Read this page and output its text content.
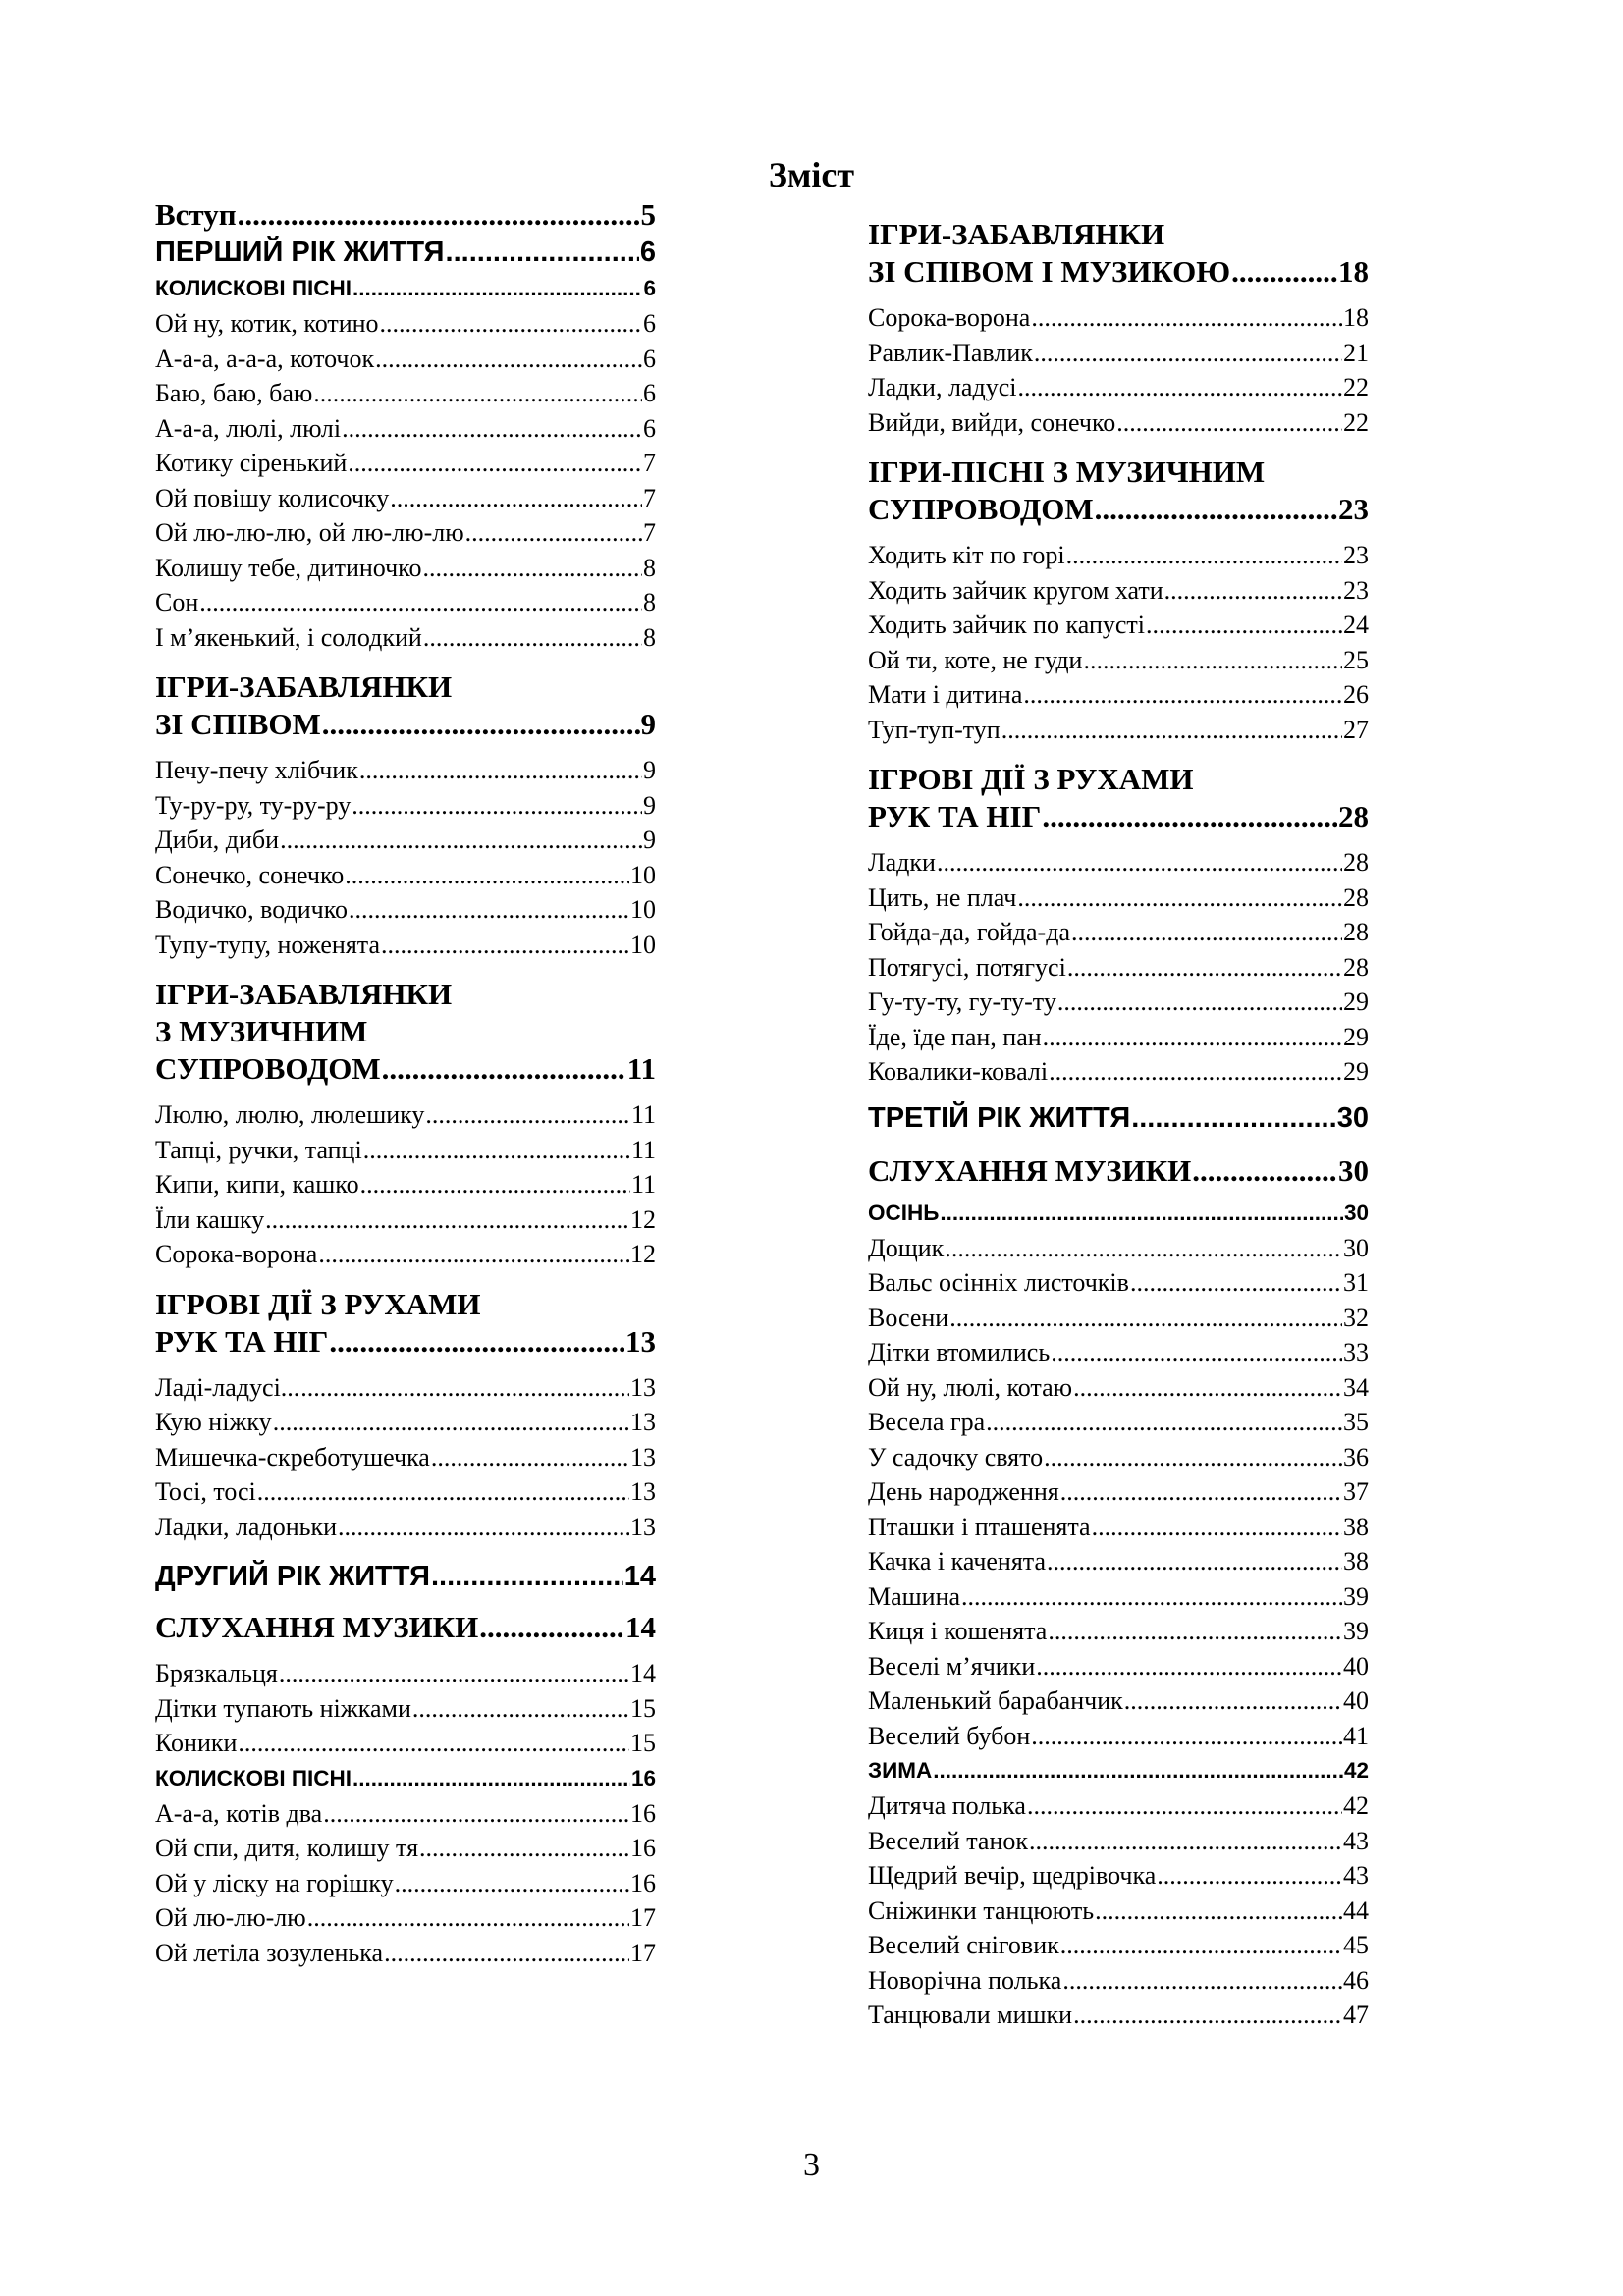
Зміст
Вступ .....	5
ПЕРШИЙ РІК ЖИТТЯ .....	6
КОЛИСКОВІ ПІСНІ .....	6
Ой ну, котик, котино .....	6
А-а-а, а-а-а, коточок .....	6
Баю, баю, баю .....	6
А-а-а, люлі, люлі .....	6
Котику сіренький .....	7
Ой повішу колисочку .....	7
Ой лю-лю-лю, ой лю-лю-лю .....	7
Колишу тебе, дитиночко .....	8
Сон .....	8
І м’якенький, і солодкий .....	8
ІГРИ-ЗАБАВЛЯНКИ
ЗІ СПІВОМ .....	9
Печу-печу хлібчик .....	9
Ту-ру-ру, ту-ру-ру .....	9
Диби, диби .....	9
Сонечко, сонечко .....	10
Водичко, водичко .....	10
Тупу-тупу, ноженята .....	10
ІГРИ-ЗАБАВЛЯНКИ
З МУЗИЧНИМ
СУПРОВОДОМ .....	11
Люлю, люлю, люлешику .....	11
Тапці, ручки, тапці .....	11
Кипи, кипи, кашко .....	11
Їли кашку .....	12
Сорока-ворона .....	12
ІГРОВІ ДІЇ З РУХАМИ
РУК ТА НІГ .....	13
Ладі-ладусі... .....	13
Кую ніжку .....	13
Мишечка-скреботушечка .....	13
Тосі, тосі .....	13
Ладки, ладоньки .....	13
ДРУГИЙ РІК ЖИТТЯ .....	14
СЛУХАННЯ МУЗИКИ .....	14
Брязкальця .....	14
Дітки тупають ніжками .....	15
Коники .....	15
КОЛИСКОВІ ПІСНІ .....	16
А-а-а, котів два .....	16
Ой спи, дитя, колишу тя .....	16
Ой у ліску на горішку .....	16
Ой лю-лю-лю .....	17
Ой летіла зозуленька .....	17
ІГРИ-ЗАБАВЛЯНКИ
ЗІ СПІВОМ І МУЗИКОЮ .....	18
Сорока-ворона .....	18
Равлик-Павлик .....	21
Ладки, ладусі .....	22
Вийди, вийди, сонечко .....	22
ІГРИ-ПІСНІ З МУЗИЧНИМ
СУПРОВОДОМ .....	23
Ходить кіт по горі .....	23
Ходить зайчик кругом хати .....	23
Ходить зайчик по капусті .....	24
Ой ти, коте, не гуди .....	25
Мати і дитина .....	26
Туп-туп-туп .....	27
ІГРОВІ ДІЇ З РУХАМИ
РУК ТА НІГ .....	28
Ладки .....	28
Цить, не плач .....	28
Гойда-да, гойда-да .....	28
Потягусі, потягусі .....	28
Гу-ту-ту, гу-ту-ту .....	29
Їде, їде пан, пан .....	29
Ковалики-ковалі .....	29
ТРЕТІЙ РІК ЖИТТЯ .....	30
СЛУХАННЯ МУЗИКИ .....	30
ОСІНЬ .....	30
Дощик .....	30
Вальс осінніх листочків .....	31
Восени .....	32
Дітки втомились .....	33
Ой ну, люлі, котаю .....	34
Весела гра .....	35
У садочку свято .....	36
День народження .....	37
Пташки і пташенята .....	38
Качка і каченята .....	38
Машина .....	39
Киця і кошенята .....	39
Веселі м’ячики .....	40
Маленький барабанчик .....	40
Веселий бубон .....	41
ЗИМА .....	42
Дитяча полька .....	42
Веселий танок .....	43
Щедрий вечір, щедрівочка .....	43
Сніжинки танцюють .....	44
Веселий сніговик .....	45
Новорічна полька .....	46
Танцювали мишки .....	47
3
